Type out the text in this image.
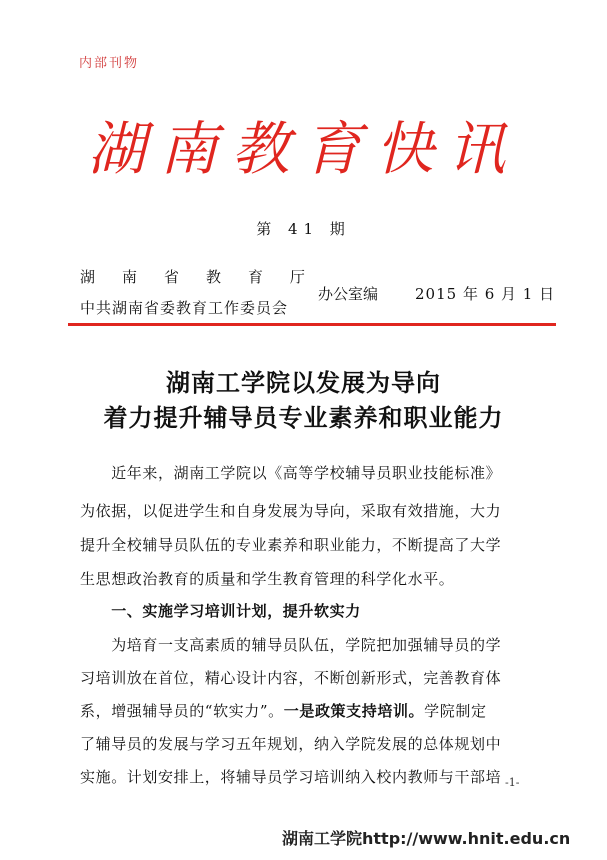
内部刊物
湖南教育快讯
第 41 期
湖 南 省 教 育 厅
中共湖南省委教育工作委员会
办公室编 2015 年 6 月 1 日
湖南工学院以发展为导向
着力提升辅导员专业素养和职业能力
　　近年来，湖南工学院以《高等学校辅导员职业技能标准》
为依据，以促进学生和自身发展为导向，采取有效措施，大力
提升全校辅导员队伍的专业素养和职业能力，不断提高了大学
生思想政治教育的质量和学生教育管理的科学化水平。
　　一、实施学习培训计划，提升软实力
　　为培育一支高素质的辅导员队伍，学院把加强辅导员的学
习培训放在首位，精心设计内容，不断创新形式，完善教育体
系，增强辅导员的“软实力”。一是政策支持培训。学院制定
了辅导员的发展与学习五年规划，纳入学院发展的总体规划中
实施。计划安排上，将辅导员学习培训纳入校内教师与干部培 -1-
湖南工学院http://www.hnit.edu.cn
